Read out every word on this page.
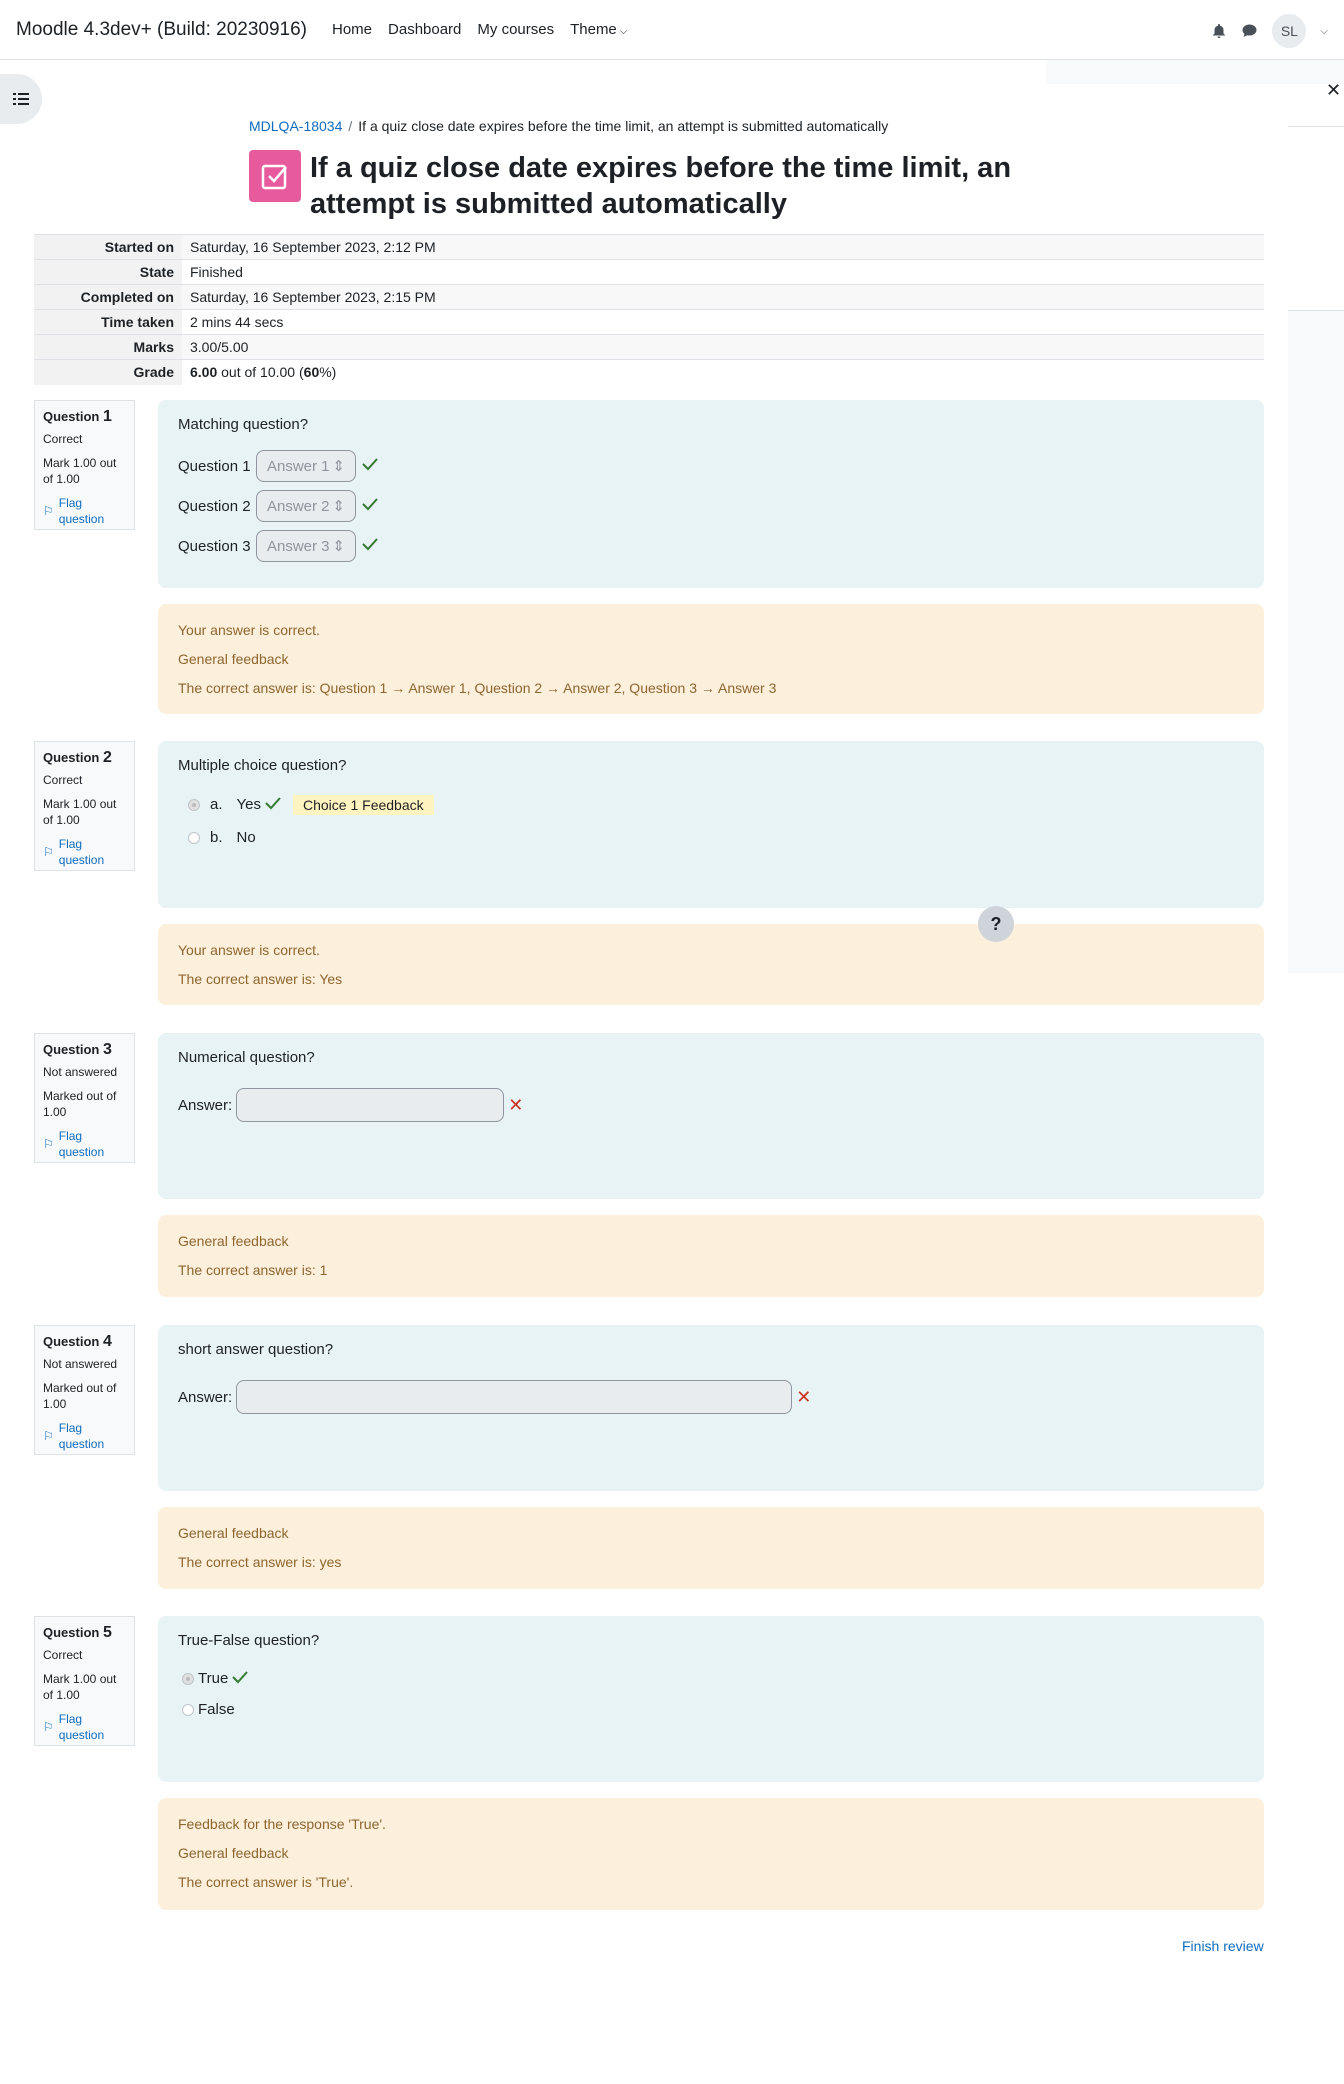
Moodle 4.3dev+ (Build: 20230916) Home Dashboard My courses Theme ⌵	SL	⌵
✕
MDLQA-18034 / If a quiz close date expires before the time limit, an attempt is submitted automatically
If a quiz close date expires before the time limit, an attempt is submitted automatically
Started on	Saturday, 16 September 2023, 2:12 PM
State	Finished
Completed on	Saturday, 16 September 2023, 2:15 PM
Time taken	2 mins 44 secs
Marks	3.00/5.00
Grade	6.00 out of 10.00 (60%)
Question 1
Correct
Mark 1.00 out of 1.00
⚐
Flag question
Matching question?
Question 1	Answer 1 ⇕
Question 2	Answer 2 ⇕
Question 3	Answer 3 ⇕
Your answer is correct.
General feedback
The correct answer is: Question 1 → Answer 1, Question 2 → Answer 2, Question 3 → Answer 3
Question 2
Correct
Mark 1.00 out of 1.00
⚐
Flag question
Multiple choice question?
a. Yes	Choice 1 Feedback
b. No
Your answer is correct.
The correct answer is: Yes
Question 3
Not answered
Marked out of 1.00
⚐
Flag question
Numerical question?
Answer:	✕
General feedback
The correct answer is: 1
Question 4
Not answered
Marked out of 1.00
⚐
Flag question
short answer question?
Answer:	✕
General feedback
The correct answer is: yes
Question 5
Correct
Mark 1.00 out of 1.00
⚐
Flag question
True-False question?
True
False
Feedback for the response 'True'.
General feedback
The correct answer is 'True'.
?
Finish review
